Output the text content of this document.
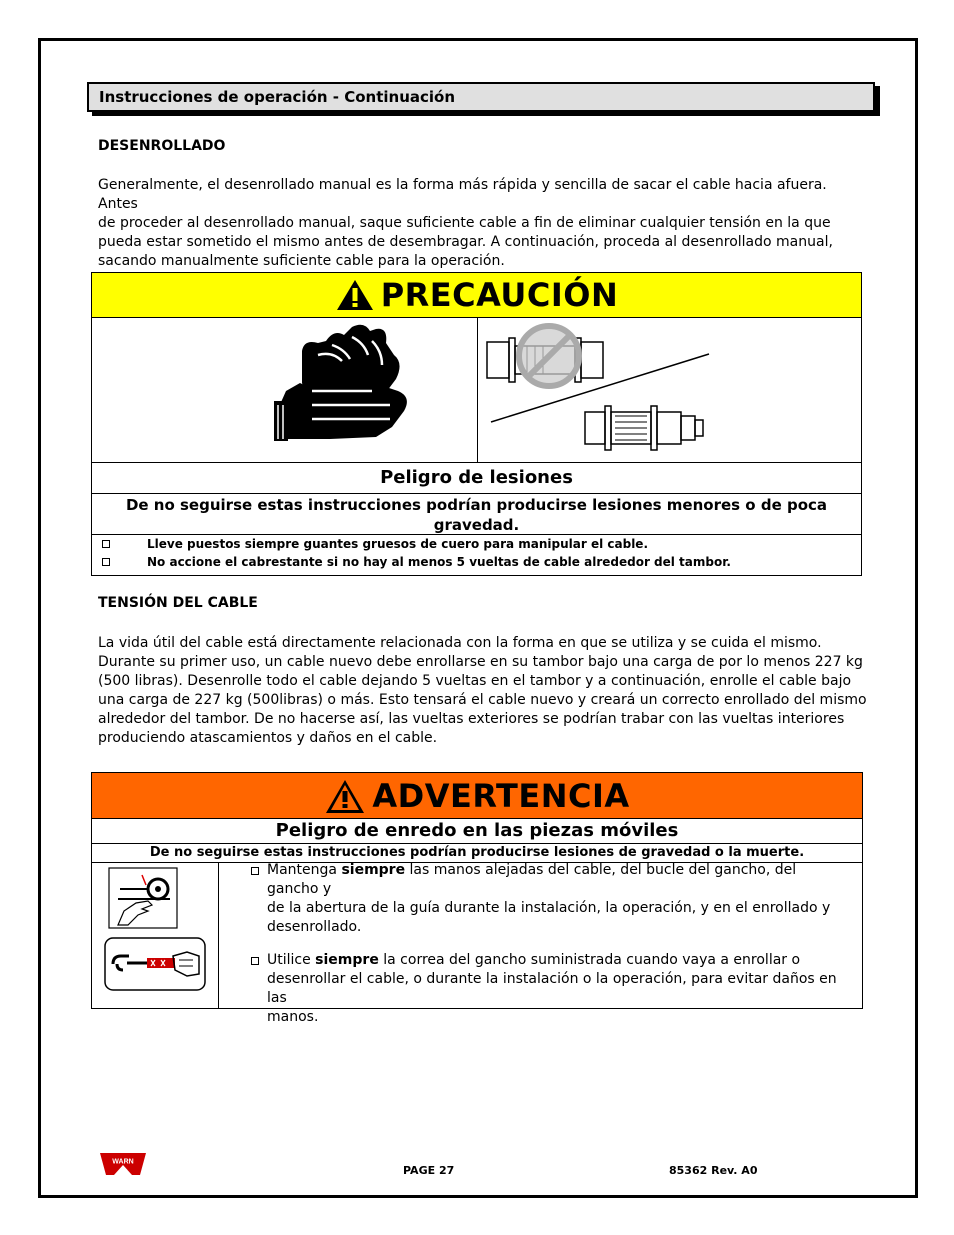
Instrucciones de operación - Continuación
DESENROLLADO

Generalmente, el desenrollado manual es la forma más rápida y sencilla de sacar el cable hacia afuera. Antes

de proceder al desenrollado manual, saque suficiente cable a fin de eliminar cualquier tensión en la que

pueda estar sometido el mismo antes de desembragar. A continuación, proceda al desenrollado manual,

sacando manualmente suficiente cable para la operación.

PRECAUCIÓN
Peligro de lesiones
De no seguirse estas instrucciones podrían producirse lesiones menores o de poca gravedad.
Lleve puestos siempre guantes gruesos de cuero para manipular el cable.
No accione el cabrestante si no hay al menos 5 vueltas de cable alrededor del tambor.
TENSIÓN DEL CABLE

La vida útil del cable está directamente relacionada con la forma en que se utiliza y se cuida el mismo.

Durante su primer uso, un cable nuevo debe enrollarse en su tambor bajo una carga de por lo menos 227 kg

(500 libras). Desenrolle todo el cable dejando 5 vueltas en el tambor y a continuación, enrolle el cable bajo

una carga de 227 kg (500libras) o más. Esto tensará el cable nuevo y creará un correcto enrollado del mismo

alrededor del tambor. De no hacerse así, las vueltas exteriores se podrían trabar con las vueltas interiores

produciendo atascamientos y daños en el cable.

ADVERTENCIA
Peligro de enredo en las piezas móviles
De no seguirse estas instrucciones podrían producirse lesiones de gravedad o la muerte.
Mantenga siempre las manos alejadas del cable, del bucle del gancho, del gancho y
de la abertura de la guía durante la instalación, la operación, y en el enrollado y
desenrollado.
Utilice siempre la correa del gancho suministrada cuando vaya a enrollar o
desenrollar el cable, o durante la instalación o la operación, para evitar daños en las
manos.
WARN
PAGE 27	85362 Rev. A0
